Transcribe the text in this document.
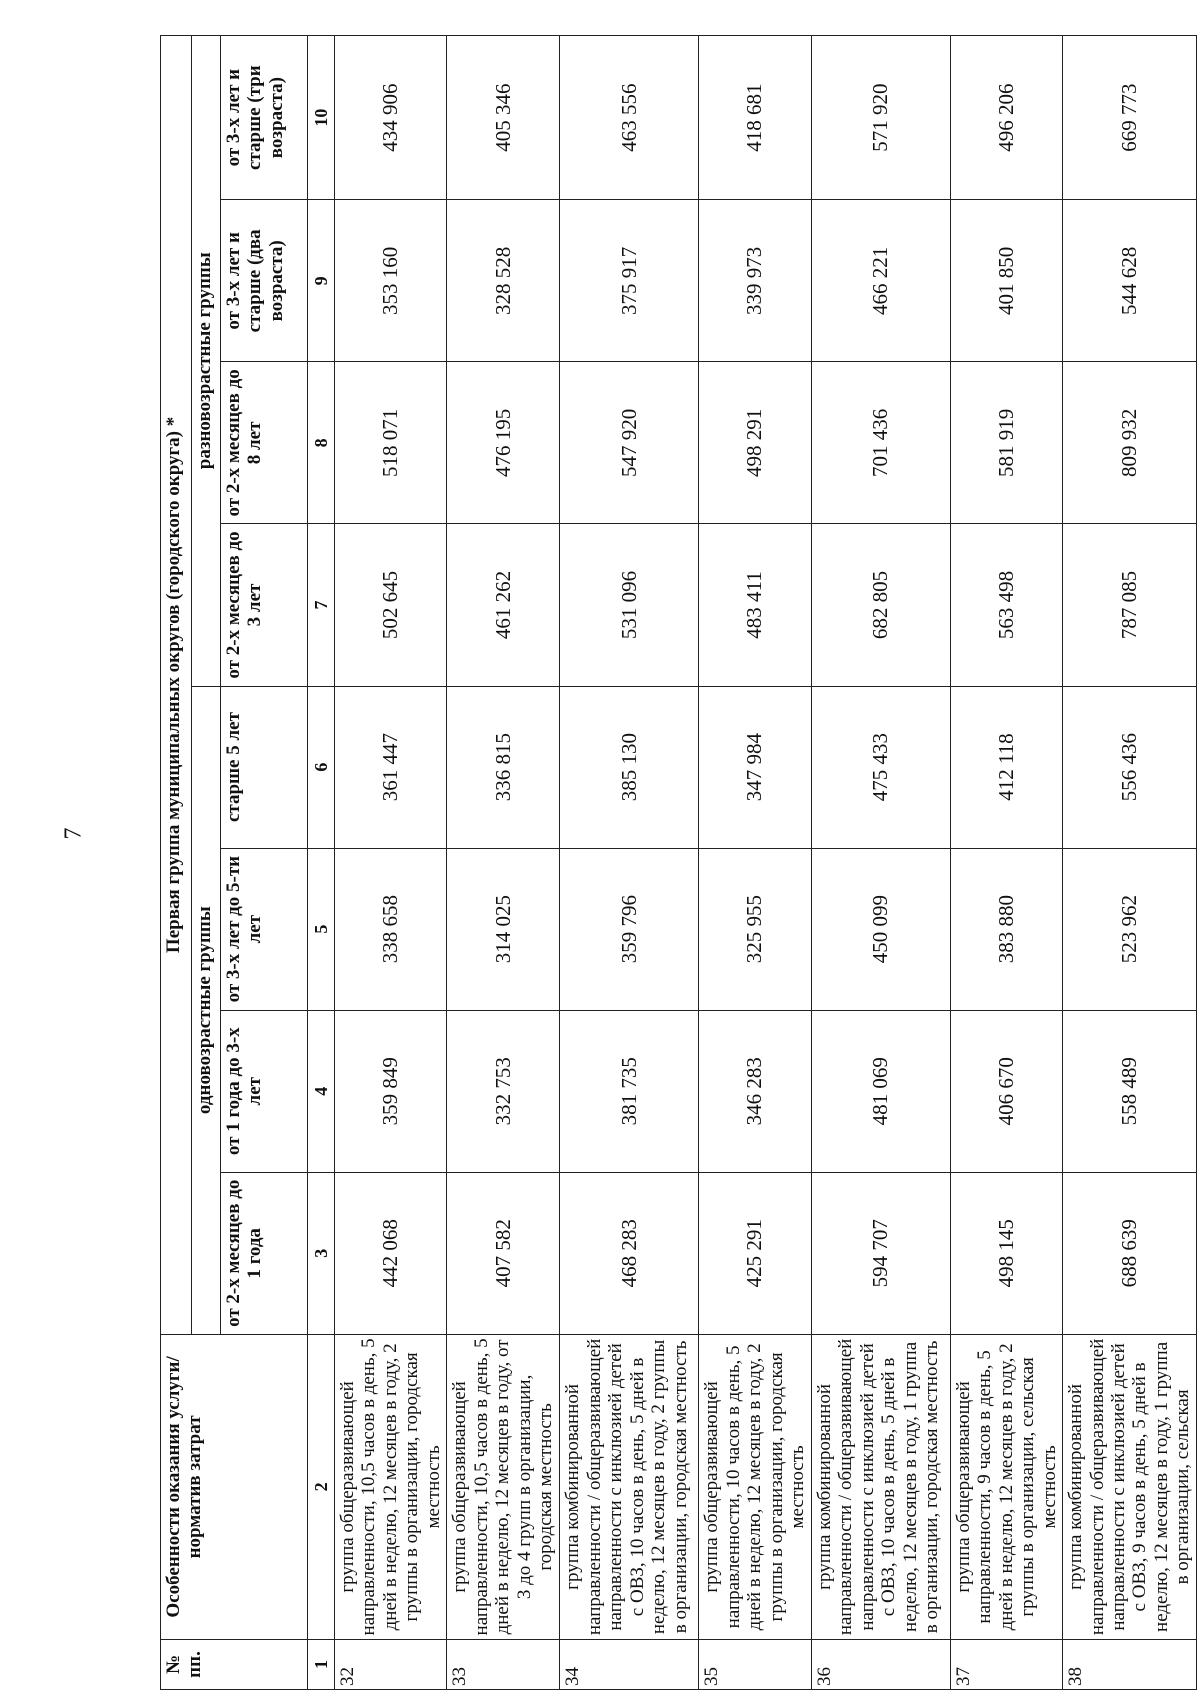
7
№ пп.	Особенности оказания услуги/норматив затрат	Первая группа муниципальных округов (городского округа) *							
		одновозрастные группы				разновозрастные группы			
		от 2-х месяцев до 1 года	от 1 года до 3-х лет	от 3-х лет до 5-ти лет	старше 5 лет	от 2-х месяцев до 3 лет	от 2-х месяцев до 8 лет	от 3-х лет и старше (два возраста)	от 3-х лет и старше (три возраста)
1	2	3	4	5	6	7	8	9	10
32	группа общеразвивающей направленности, 10,5 часов в день, 5 дней в неделю, 12 месяцев в году, 2 группы в организации, городская местность	442 068	359 849	338 658	361 447	502 645	518 071	353 160	434 906
33	группа общеразвивающей направленности, 10,5 часов в день, 5 дней в неделю, 12 месяцев в году, от 3 до 4 групп в организации, городская местность	407 582	332 753	314 025	336 815	461 262	476 195	328 528	405 346
34	группа комбинированной направленности / общеразвивающей направленности с инклюзией детей с ОВЗ, 10 часов в день, 5 дней в неделю, 12 месяцев в году, 2 группы в организации, городская местность	468 283	381 735	359 796	385 130	531 096	547 920	375 917	463 556
35	группа общеразвивающей направленности, 10 часов в день, 5 дней в неделю, 12 месяцев в году, 2 группы в организации, городская местность	425 291	346 283	325 955	347 984	483 411	498 291	339 973	418 681
36	группа комбинированной направленности / общеразвивающей направленности с инклюзией детей с ОВЗ, 10 часов в день, 5 дней в неделю, 12 месяцев в году, 1 группа в организации, городская местность	594 707	481 069	450 099	475 433	682 805	701 436	466 221	571 920
37	группа общеразвивающей направленности, 9 часов в день, 5 дней в неделю, 12 месяцев в году, 2 группы в организации, сельская местность	498 145	406 670	383 880	412 118	563 498	581 919	401 850	496 206
38	группа комбинированной направленности / общеразвивающей направленности с инклюзией детей с ОВЗ, 9 часов в день, 5 дней в неделю, 12 месяцев в году, 1 группа в организации, сельская	688 639	558 489	523 962	556 436	787 085	809 932	544 628	669 773
